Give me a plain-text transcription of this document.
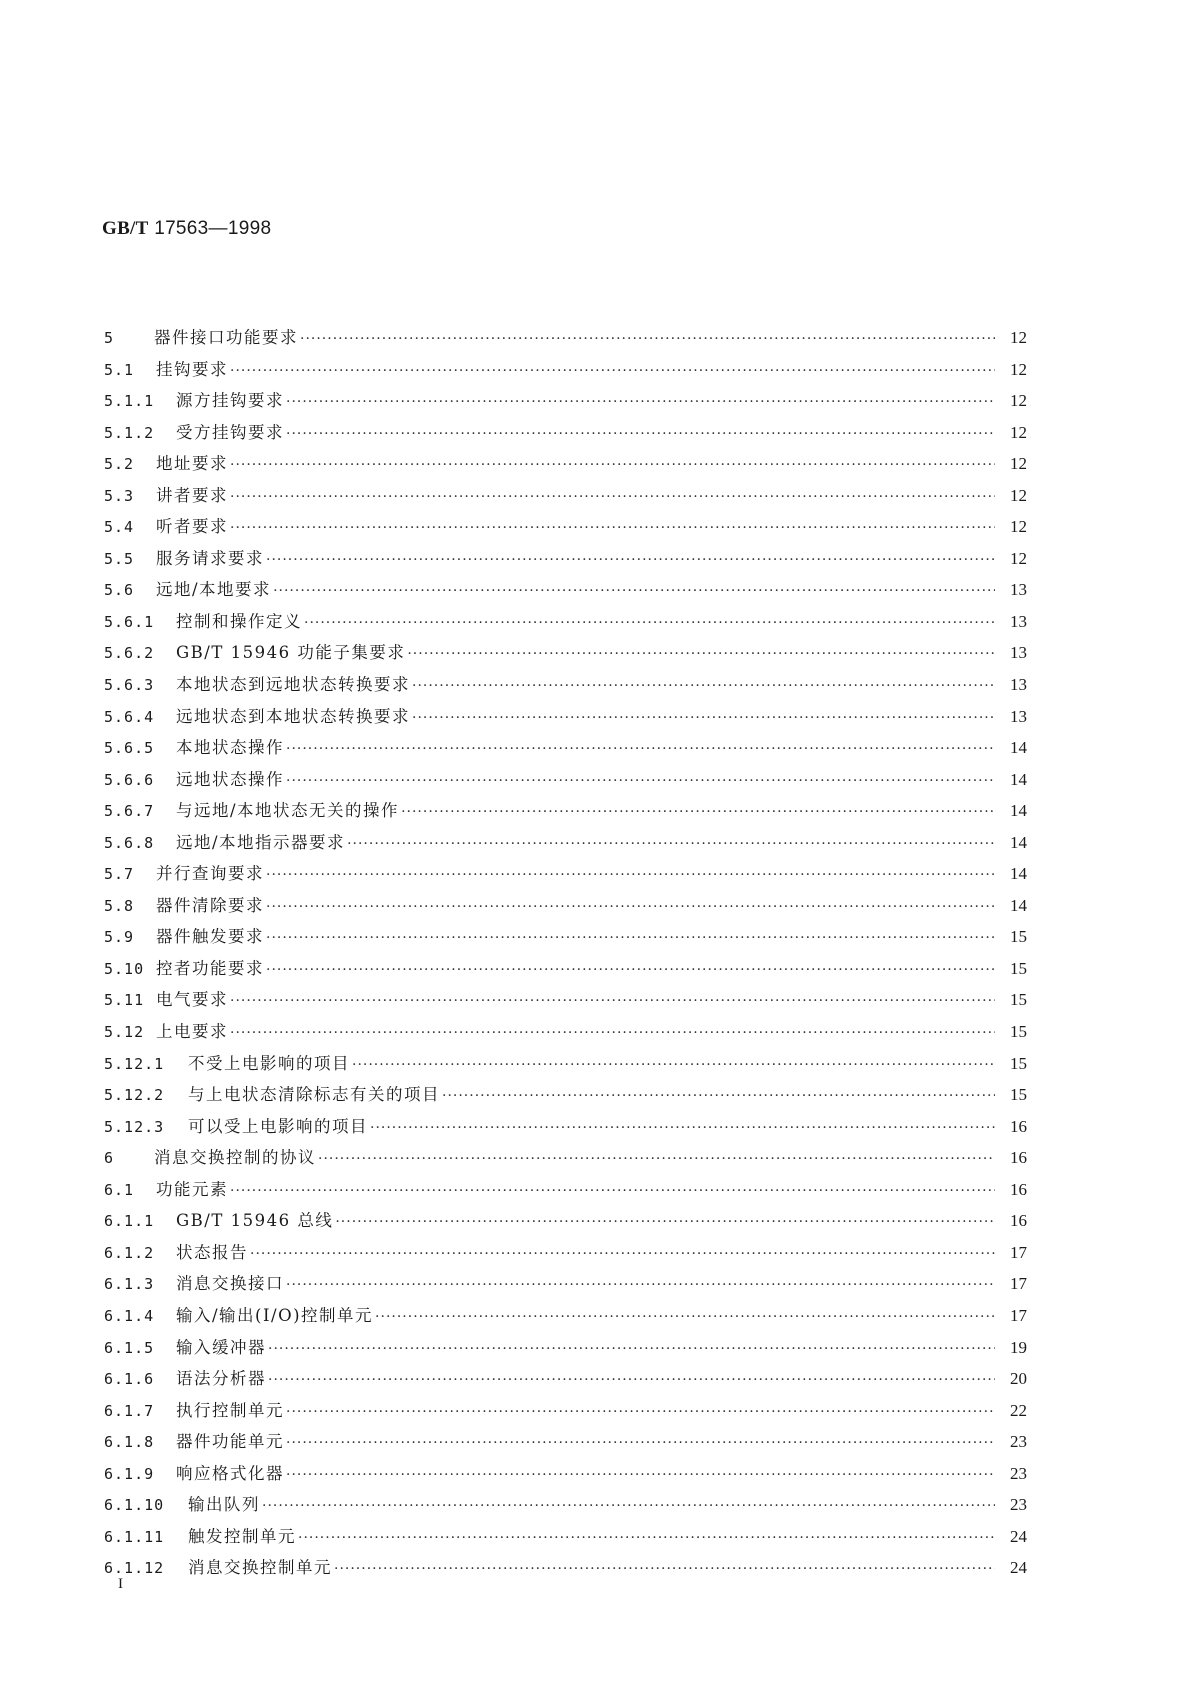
GB/T 17563—1998
5	器件接口功能要求 ·····	12
5.1	挂钩要求 ·····	12
5.1.1	源方挂钩要求 ·····	12
5.1.2	受方挂钩要求 ·····	12
5.2	地址要求 ·····	12
5.3	讲者要求 ·····	12
5.4	听者要求 ·····	12
5.5	服务请求要求 ·····	12
5.6	远地/本地要求 ·····	13
5.6.1	控制和操作定义 ·····	13
5.6.2	GB/T 15946 功能子集要求 ·····	13
5.6.3	本地状态到远地状态转换要求 ·····	13
5.6.4	远地状态到本地状态转换要求 ·····	13
5.6.5	本地状态操作 ·····	14
5.6.6	远地状态操作 ·····	14
5.6.7	与远地/本地状态无关的操作 ·····	14
5.6.8	远地/本地指示器要求 ·····	14
5.7	并行查询要求 ·····	14
5.8	器件清除要求 ·····	14
5.9	器件触发要求 ·····	15
5.10 控者功能要求 ·····	15
5.11 电气要求 ·····	15
5.12 上电要求 ·····	15
5.12.1	不受上电影响的项目 ·····	15
5.12.2	与上电状态清除标志有关的项目 ·····	15
5.12.3	可以受上电影响的项目 ·····	16
6	消息交换控制的协议 ·····	16
6.1	功能元素 ·····	16
6.1.1	GB/T 15946 总线 ·····	16
6.1.2	状态报告 ·····	17
6.1.3	消息交换接口 ·····	17
6.1.4	输入/输出(I/O)控制单元 ·····	17
6.1.5	输入缓冲器 ·····	19
6.1.6	语法分析器 ·····	20
6.1.7	执行控制单元 ·····	22
6.1.8	器件功能单元 ·····	23
6.1.9	响应格式化器 ·····	23
6.1.10	输出队列 ·····	23
6.1.11	触发控制单元 ·····	24
6.1.12	消息交换控制单元 ·····	24
I
